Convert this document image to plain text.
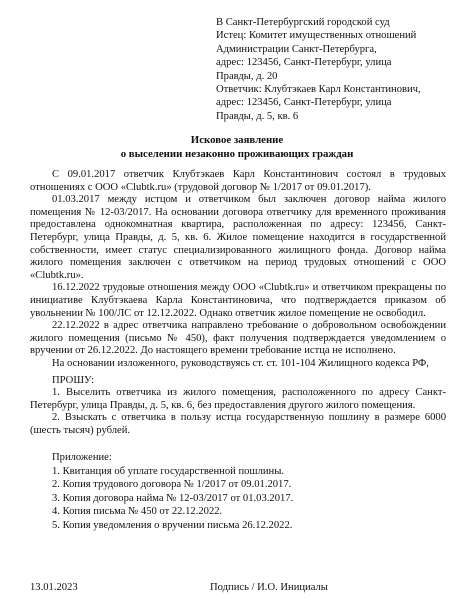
В Санкт-Петербургский городской суд
Истец: Комитет имущественных отношений
Администрации Санкт-Петербурга,
адрес: 123456, Санкт-Петербург, улица
Правды, д. 20
Ответчик: Клубтэкаев Карл Константинович,
адрес: 123456, Санкт-Петербург, улица
Правды, д. 5, кв. 6
Исковое заявление
о выселении незаконно проживающих граждан

С 09.01.2017 ответчик Клубтэкаев Карл Константинович состоял в трудовых отношениях с ООО «Clubtk.ru» (трудовой договор № 1/2017 от 09.01.2017).

01.03.2017 между истцом и ответчиком был заключен договор найма жилого помещения № 12-03/2017. На основании договора ответчику для временного проживания предоставлена однокомнатная квартира, расположенная по адресу: 123456, Санкт-Петербург, улица Правды, д. 5, кв. 6. Жилое помещение находится в государственной собственности, имеет статус специализированного жилищного фонда. Договор найма жилого помещения заключен с ответчиком на период трудовых отношений с ООО «Clubtk.ru».

16.12.2022 трудовые отношения между ООО «Clubtk.ru» и ответчиком прекращены по инициативе Клубтэкаева Карла Константиновича, что подтверждается приказом об увольнении № 100/ЛС от 12.12.2022. Однако ответчик жилое помещение не освободил.

22.12.2022 в адрес ответчика направлено требование о добровольном освобождении жилого помещения (письмо № 450), факт получения подтверждается уведомлением о вручении от 26.12.2022. До настоящего времени требование истца не исполнено.

На основании изложенного, руководствуясь ст. ст. 101-104 Жилищного кодекса РФ,

ПРОШУ:

1. Выселить ответчика из жилого помещения, расположенного по адресу Санкт-Петербург, улица Правды, д. 5, кв. 6, без предоставления другого жилого помещения.

2. Взыскать с ответчика в пользу истца государственную пошлину в размере 6000 (шесть тысяч) рублей.

Приложение:
1. Квитанция об уплате государственной пошлины.
2. Копия трудового договора № 1/2017 от 09.01.2017.
3. Копия договора найма № 12-03/2017 от 01.03.2017.
4. Копия письма № 450 от 22.12.2022.
5. Копия уведомления о вручении письма 26.12.2022.
13.01.2023	Подпись / И.О. Инициалы
